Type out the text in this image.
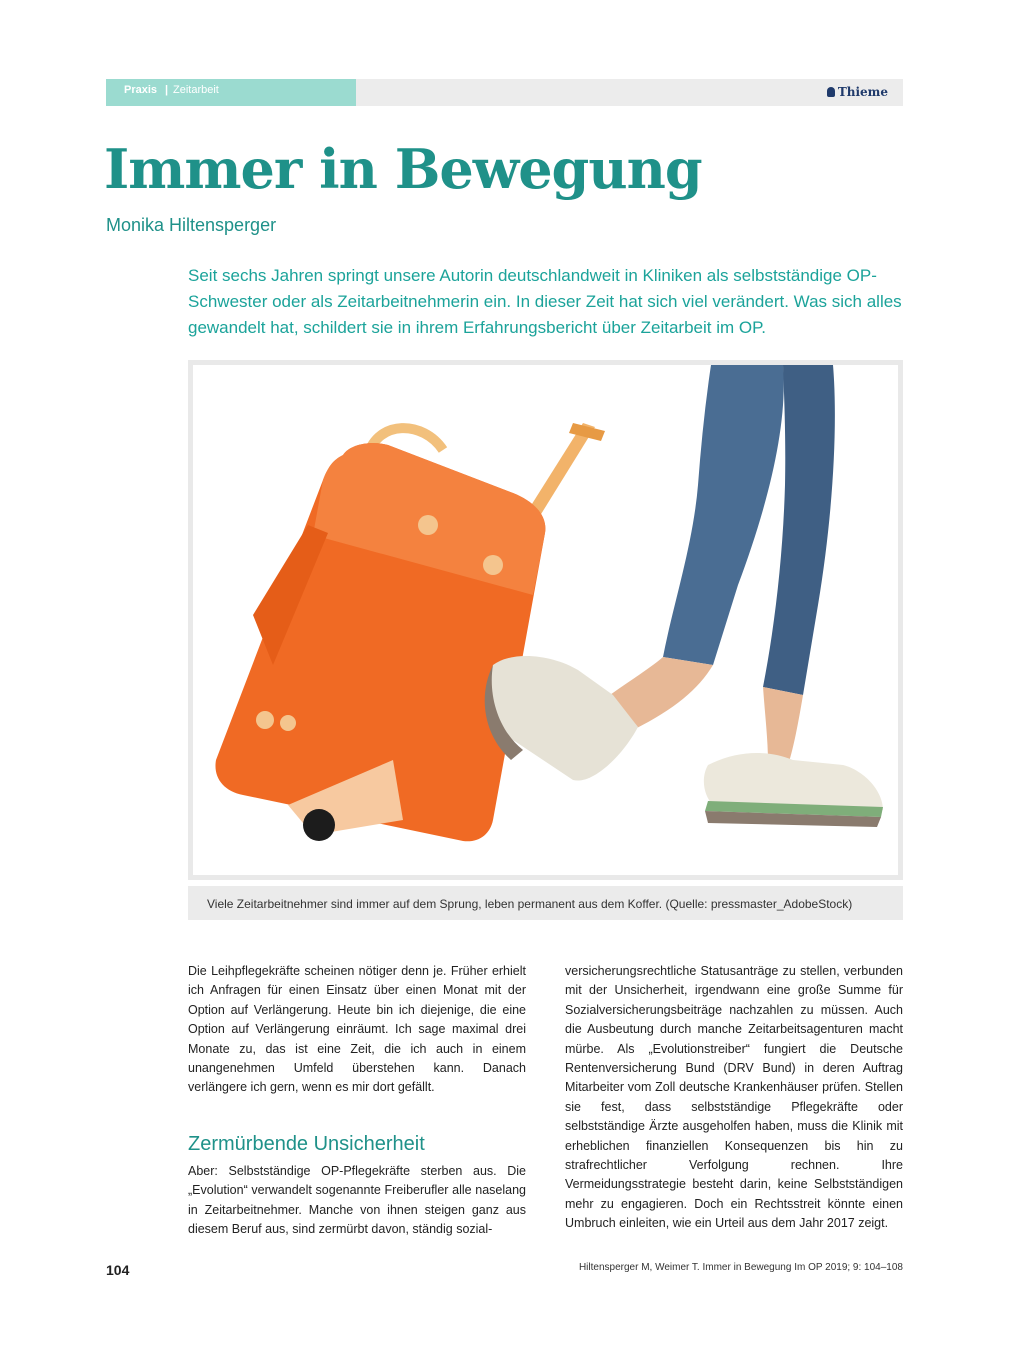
Praxis | Zeitarbeit	Thieme
Immer in Bewegung
Monika Hiltensperger

Seit sechs Jahren springt unsere Autorin deutschlandweit in Kliniken als selbstständige OP-Schwester oder als Zeitarbeitnehmerin ein. In dieser Zeit hat sich viel verändert. Was sich alles gewandelt hat, schildert sie in ihrem Erfahrungsbericht über Zeitarbeit im OP.

Viele Zeitarbeitnehmer sind immer auf dem Sprung, leben permanent aus dem Koffer. (Quelle: pressmaster_AdobeStock)

Die Leihpflegekräfte scheinen nötiger denn je. Früher erhielt ich Anfragen für einen Einsatz über einen Monat mit der Option auf Verlängerung. Heute bin ich diejenige, die eine Option auf Verlängerung einräumt. Ich sage maximal drei Monate zu, das ist eine Zeit, die ich auch in einem unangenehmen Umfeld überstehen kann. Danach verlängere ich gern, wenn es mir dort gefällt.

Zermürbende Unsicherheit

Aber: Selbstständige OP-Pflegekräfte sterben aus. Die „Evolution“ verwandelt sogenannte Freiberufler alle naselang in Zeitarbeitnehmer. Manche von ihnen steigen ganz aus diesem Beruf aus, sind zermürbt davon, ständig sozial-

versicherungsrechtliche Statusanträge zu stellen, verbunden mit der Unsicherheit, irgendwann eine große Summe für Sozialversicherungsbeiträge nachzahlen zu müssen. Auch die Ausbeutung durch manche Zeitarbeitsagenturen macht mürbe. Als „Evolutionstreiber“ fungiert die Deutsche Rentenversicherung Bund (DRV Bund) in deren Auftrag Mitarbeiter vom Zoll deutsche Krankenhäuser prüfen. Stellen sie fest, dass selbstständige Pflegekräfte oder selbstständige Ärzte ausgeholfen haben, muss die Klinik mit erheblichen finanziellen Konsequenzen bis hin zu strafrechtlicher Verfolgung rechnen. Ihre Vermeidungsstrategie besteht darin, keine Selbstständigen mehr zu engagieren. Doch ein Rechtsstreit könnte einen Umbruch einleiten, wie ein Urteil aus dem Jahr 2017 zeigt.

104	Hiltensperger M, Weimer T. Immer in Bewegung Im OP 2019; 9: 104–108
